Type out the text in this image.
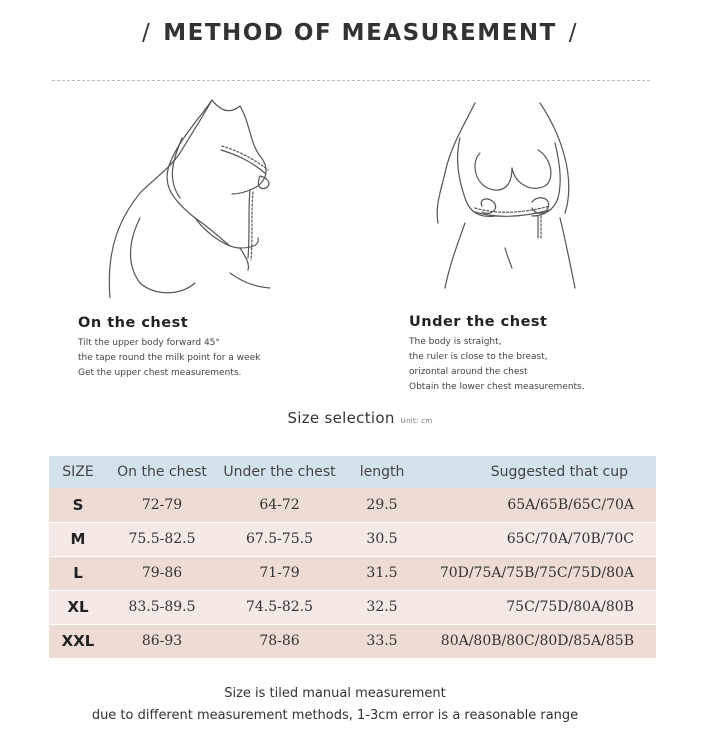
/ METHOD OF MEASUREMENT /
On the chest

Tilt the upper body forward 45°

the tape round the milk point for a week

Get the upper chest measurements.

Under the chest

The body is straight,

the ruler is close to the breast,

orizontal around the chest

Obtain the lower chest measurements.

Size selection Unit: cm
SIZE	On the chest	Under the chest	length	Suggested that cup
S	72-79	64-72	29.5	65A/65B/65C/70A
M	75.5-82.5	67.5-75.5	30.5	65C/70A/70B/70C
L	79-86	71-79	31.5	70D/75A/75B/75C/75D/80A
XL	83.5-89.5	74.5-82.5	32.5	75C/75D/80A/80B
XXL	86-93	78-86	33.5	80A/80B/80C/80D/85A/85B
Size is tiled manual measurement
due to different measurement methods, 1-3cm error is a reasonable range
